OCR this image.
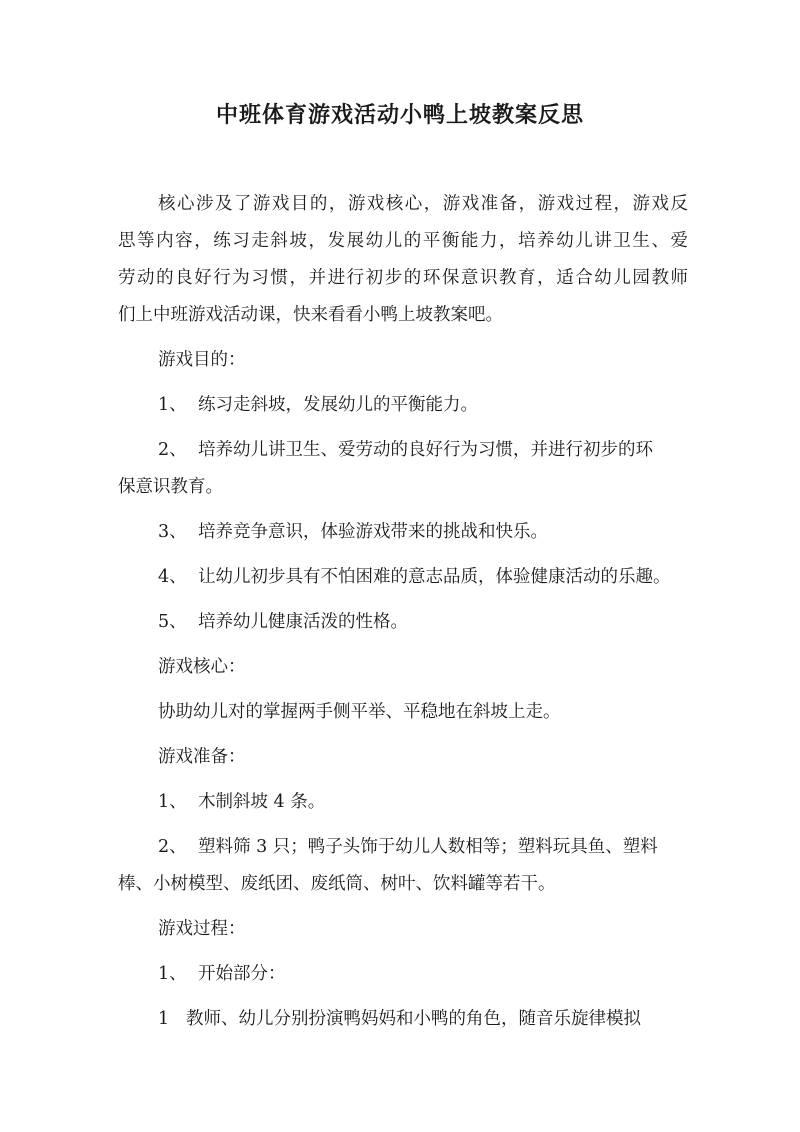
中班体育游戏活动小鸭上坡教案反思
核心涉及了游戏目的，游戏核心，游戏准备，游戏过程，游戏反
思等内容，练习走斜坡，发展幼儿的平衡能力，培养幼儿讲卫生、爱
劳动的良好行为习惯，并进行初步的环保意识教育，适合幼儿园教师
们上中班游戏活动课，快来看看小鸭上坡教案吧。
游戏目的：
1、 练习走斜坡，发展幼儿的平衡能力。
2、 培养幼儿讲卫生、爱劳动的良好行为习惯，并进行初步的环
保意识教育。
3、 培养竞争意识，体验游戏带来的挑战和快乐。
4、 让幼儿初步具有不怕困难的意志品质，体验健康活动的乐趣。
5、 培养幼儿健康活泼的性格。
游戏核心：
协助幼儿对的掌握两手侧平举、平稳地在斜坡上走。
游戏准备：
1、 木制斜坡 4 条。
2、 塑料筛 3 只；鸭子头饰于幼儿人数相等；塑料玩具鱼、塑料
棒、小树模型、废纸团、废纸筒、树叶、饮料罐等若干。
游戏过程：
1、 开始部分：
1 教师、幼儿分别扮演鸭妈妈和小鸭的角色，随音乐旋律模拟
